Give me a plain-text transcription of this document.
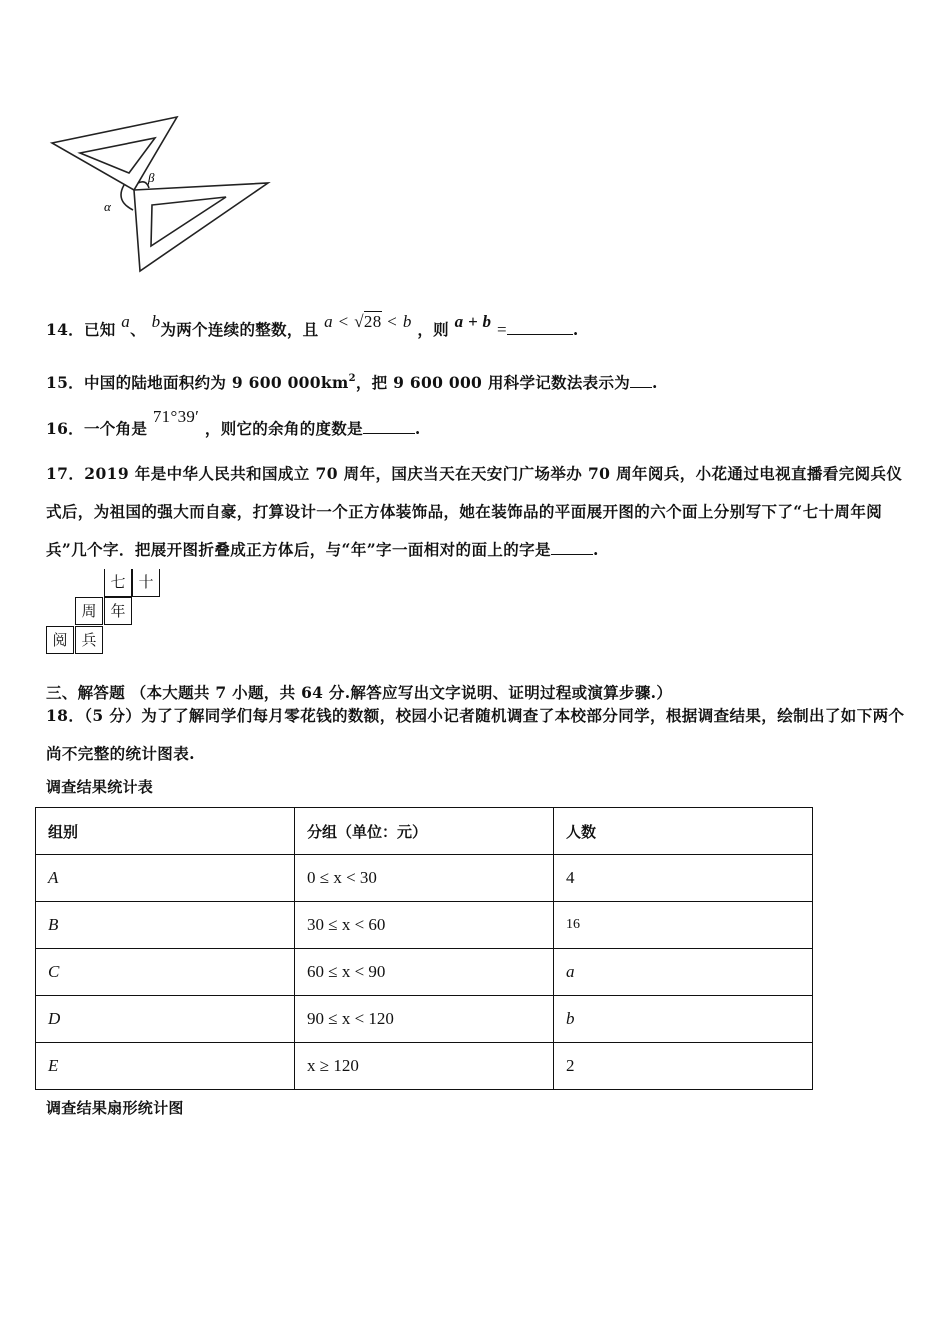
α
β
14．已知 a、 b为两个连续的整数，且 a < √28 < b ，则 a + b =	.
15．中国的陆地面积约为 9 600 $000km^2$，把 9 600 000 用科学记数法表示为 .
16．一个角是 71°39′ ，则它的余角的度数是	.
17．2019 年是中华人民共和国成立 70 周年，国庆当天在天安门广场举办 70 周年阅兵，小花通过电视直播看完阅兵仪式后，为祖国的强大而自豪，打算设计一个正方体装饰品，她在装饰品的平面展开图的六个面上分别写下了“七十周年阅兵”几个字．把展开图折叠成正方体后，与“年”字一面相对的面上的字是	.
七 十
周 年
阅 兵
三、解答题 （本大题共 7 小题，共 64 分.解答应写出文字说明、证明过程或演算步骤.）
18．（5 分）为了了解同学们每月零花钱的数额，校园小记者随机调查了本校部分同学，根据调查结果，绘制出了如下两个尚不完整的统计图表.
调查结果统计表
组别	分组（单位：元）	人数
A	0 ≤ x < 30	4
B	30 ≤ x < 60	16
C	60 ≤ x < 90	a
D	90 ≤ x < 120	b
E	x ≥ 120	2
调查结果扇形统计图
